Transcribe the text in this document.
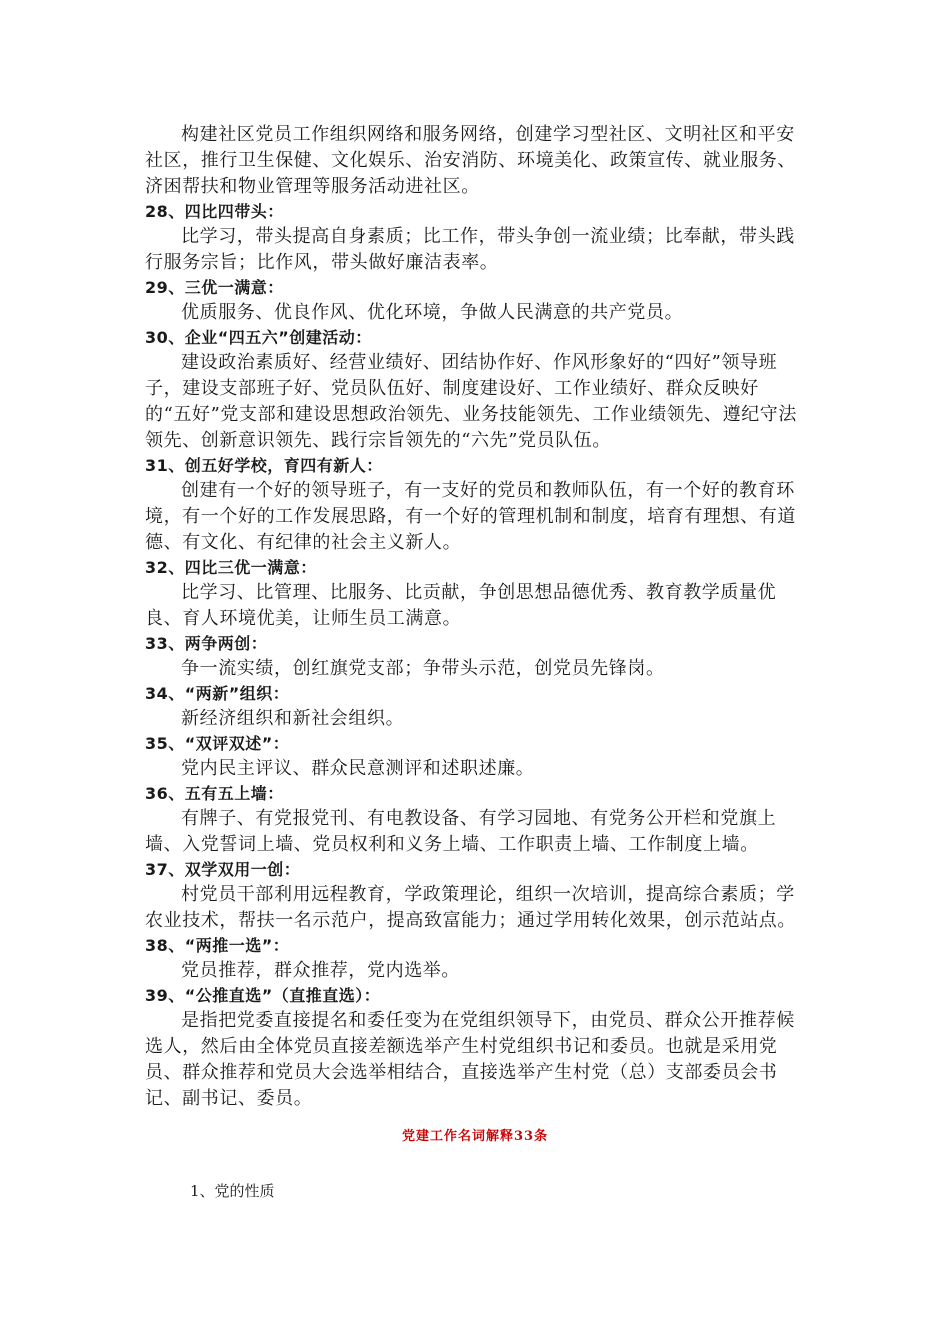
构建社区党员工作组织网络和服务网络，创建学习型社区、文明社区和平安社区，推行卫生保健、文化娱乐、治安消防、环境美化、政策宣传、就业服务、济困帮扶和物业管理等服务活动进社区。

28、四比四带头：

比学习，带头提高自身素质；比工作，带头争创一流业绩；比奉献，带头践行服务宗旨；比作风，带头做好廉洁表率。

29、三优一满意：

优质服务、优良作风、优化环境，争做人民满意的共产党员。

30、企业“四五六”创建活动：

建设政治素质好、经营业绩好、团结协作好、作风形象好的“四好”领导班子，建设支部班子好、党员队伍好、制度建设好、工作业绩好、群众反映好的“五好”党支部和建设思想政治领先、业务技能领先、工作业绩领先、遵纪守法领先、创新意识领先、践行宗旨领先的“六先”党员队伍。

31、创五好学校，育四有新人：

创建有一个好的领导班子，有一支好的党员和教师队伍，有一个好的教育环境，有一个好的工作发展思路，有一个好的管理机制和制度，培育有理想、有道德、有文化、有纪律的社会主义新人。

32、四比三优一满意：

比学习、比管理、比服务、比贡献，争创思想品德优秀、教育教学质量优良、育人环境优美，让师生员工满意。

33、两争两创：

争一流实绩，创红旗党支部；争带头示范，创党员先锋岗。

34、“两新”组织：

新经济组织和新社会组织。

35、“双评双述”：

党内民主评议、群众民意测评和述职述廉。

36、五有五上墙：

有牌子、有党报党刊、有电教设备、有学习园地、有党务公开栏和党旗上墙、入党誓词上墙、党员权利和义务上墙、工作职责上墙、工作制度上墙。

37、双学双用一创：

村党员干部利用远程教育，学政策理论，组织一次培训，提高综合素质；学农业技术，帮扶一名示范户，提高致富能力；通过学用转化效果，创示范站点。

38、“两推一选”：

党员推荐，群众推荐，党内选举。

39、“公推直选”（直推直选）：

是指把党委直接提名和委任变为在党组织领导下，由党员、群众公开推荐候选人，然后由全体党员直接差额选举产生村党组织书记和委员。也就是采用党员、群众推荐和党员大会选举相结合，直接选举产生村党（总）支部委员会书记、副书记、委员。

党建工作名词解释33条
1、党的性质
